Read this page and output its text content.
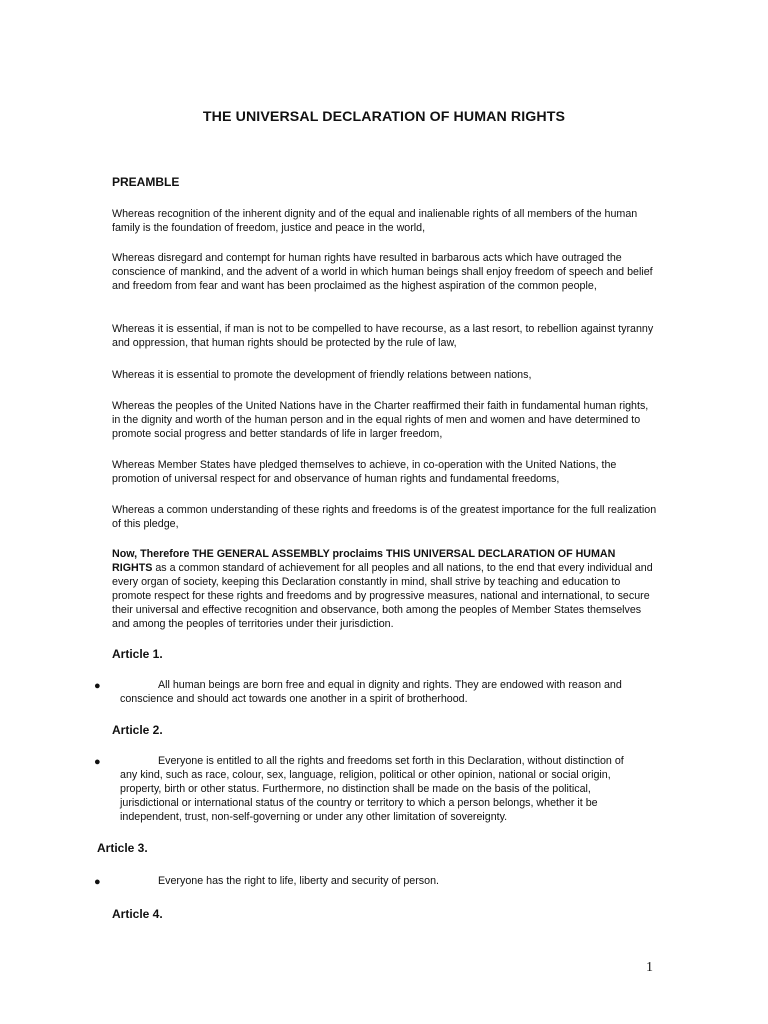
THE UNIVERSAL DECLARATION OF HUMAN RIGHTS
PREAMBLE

Whereas recognition of the inherent dignity and of the equal and inalienable rights of all members of the human family is the foundation of freedom, justice and peace in the world,

Whereas disregard and contempt for human rights have resulted in barbarous acts which have outraged the conscience of mankind, and the advent of a world in which human beings shall enjoy freedom of speech and belief and freedom from fear and want has been proclaimed as the highest aspiration of the common people,

Whereas it is essential, if man is not to be compelled to have recourse, as a last resort, to rebellion against tyranny and oppression, that human rights should be protected by the rule of law,

Whereas it is essential to promote the development of friendly relations between nations,

Whereas the peoples of the United Nations have in the Charter reaffirmed their faith in fundamental human rights, in the dignity and worth of the human person and in the equal rights of men and women and have determined to promote social progress and better standards of life in larger freedom,

Whereas Member States have pledged themselves to achieve, in co-operation with the United Nations, the promotion of universal respect for and observance of human rights and fundamental freedoms,

Whereas a common understanding of these rights and freedoms is of the greatest importance for the full realization of this pledge,

Now, Therefore THE GENERAL ASSEMBLY proclaims THIS UNIVERSAL DECLARATION OF HUMAN RIGHTS as a common standard of achievement for all peoples and all nations, to the end that every individual and every organ of society, keeping this Declaration constantly in mind, shall strive by teaching and education to promote respect for these rights and freedoms and by progressive measures, national and international, to secure their universal and effective recognition and observance, both among the peoples of Member States themselves and among the peoples of territories under their jurisdiction.

Article 1.
●	All human beings are born free and equal in dignity and rights. They are endowed with reason and conscience and should act towards one another in a spirit of brotherhood.

Article 2.
●	Everyone is entitled to all the rights and freedoms set forth in this Declaration, without distinction of any kind, such as race, colour, sex, language, religion, political or other opinion, national or social origin, property, birth or other status. Furthermore, no distinction shall be made on the basis of the political, jurisdictional or international status of the country or territory to which a person belongs, whether it be independent, trust, non-self-governing or under any other limitation of sovereignty.

Article 3.
●	Everyone has the right to life, liberty and security of person.

Article 4.
1
